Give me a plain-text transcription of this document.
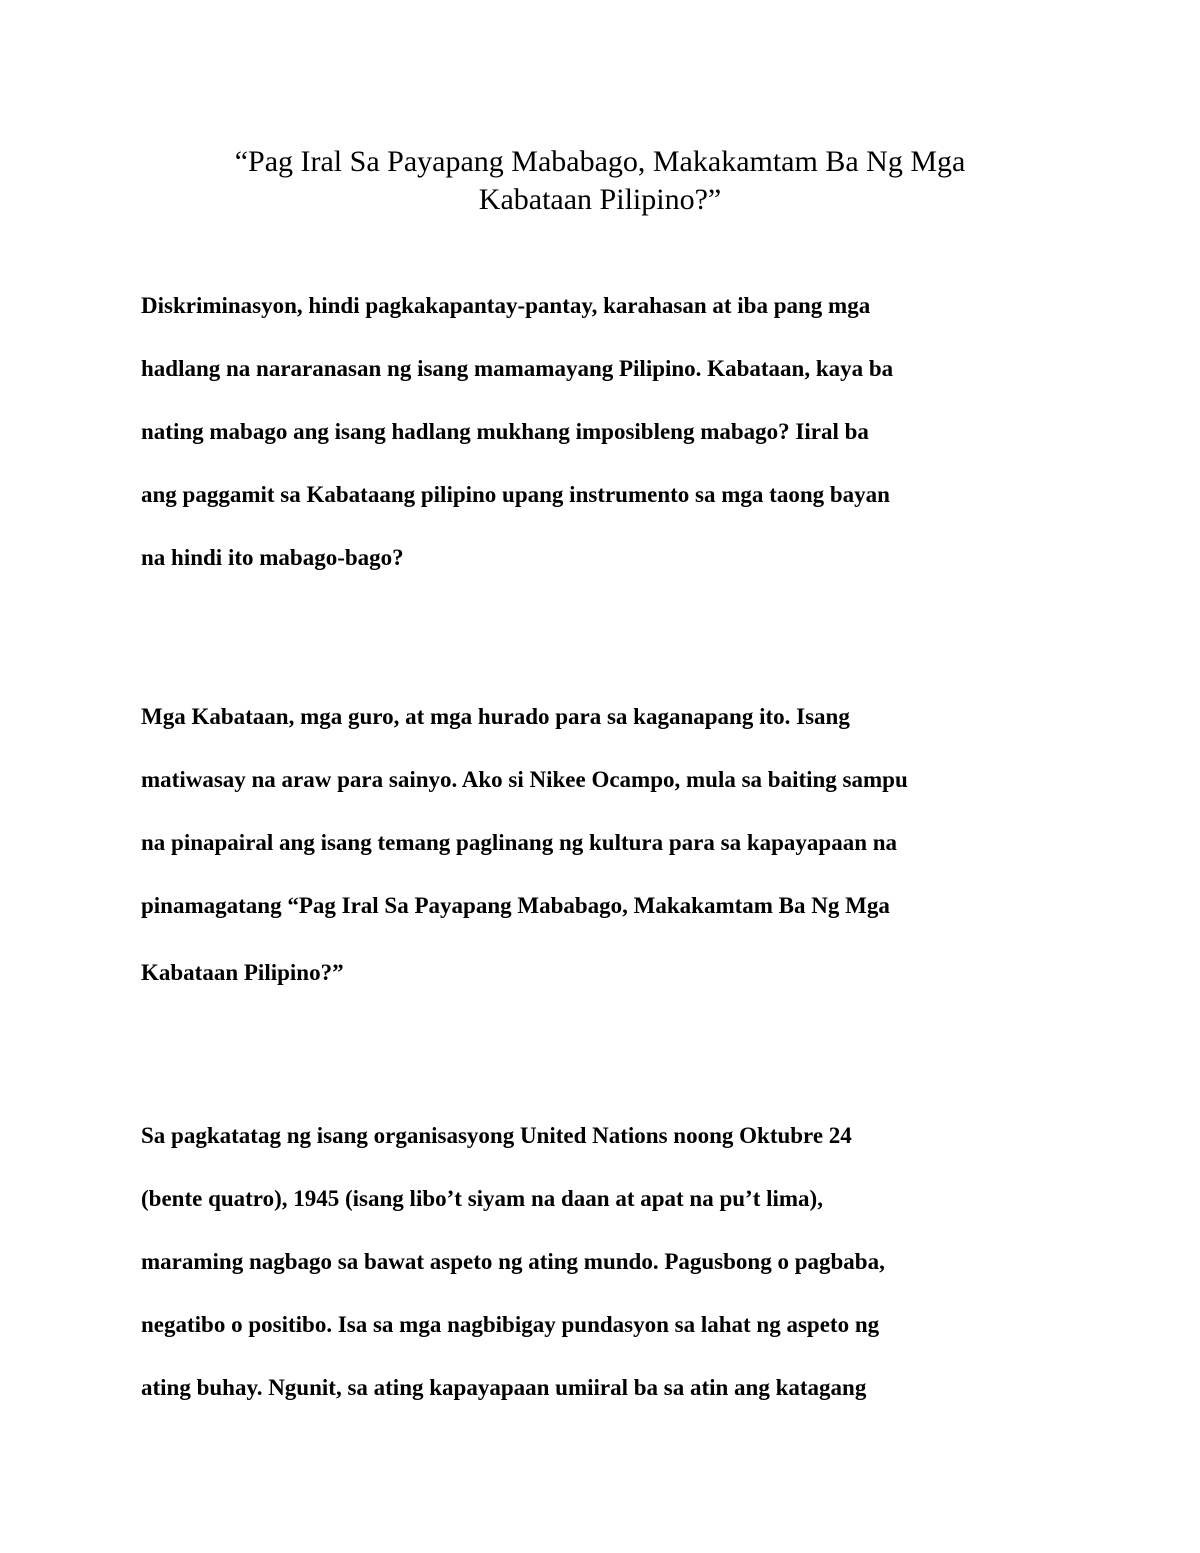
“Pag Iral Sa Payapang Mababago, Makakamtam Ba Ng Mga
Kabataan Pilipino?”
Diskriminasyon, hindi pagkakapantay-pantay, karahasan at iba pang mga
hadlang na nararanasan ng isang mamamayang Pilipino. Kabataan, kaya ba
nating mabago ang isang hadlang mukhang imposibleng mabago? Iiral ba
ang paggamit sa Kabataang pilipino upang instrumento sa mga taong bayan
na hindi ito mabago-bago?
Mga Kabataan, mga guro, at mga hurado para sa kaganapang ito. Isang
matiwasay na araw para sainyo. Ako si Nikee Ocampo, mula sa baiting sampu
na pinapairal ang isang temang paglinang ng kultura para sa kapayapaan na
pinamagatang “Pag Iral Sa Payapang Mababago, Makakamtam Ba Ng Mga
Kabataan Pilipino?”
Sa pagkatatag ng isang organisasyong United Nations noong Oktubre 24
(bente quatro), 1945 (isang libo’t siyam na daan at apat na pu’t lima),
maraming nagbago sa bawat aspeto ng ating mundo. Pagusbong o pagbaba,
negatibo o positibo. Isa sa mga nagbibigay pundasyon sa lahat ng aspeto ng
ating buhay. Ngunit, sa ating kapayapaan umiiral ba sa atin ang katagang
